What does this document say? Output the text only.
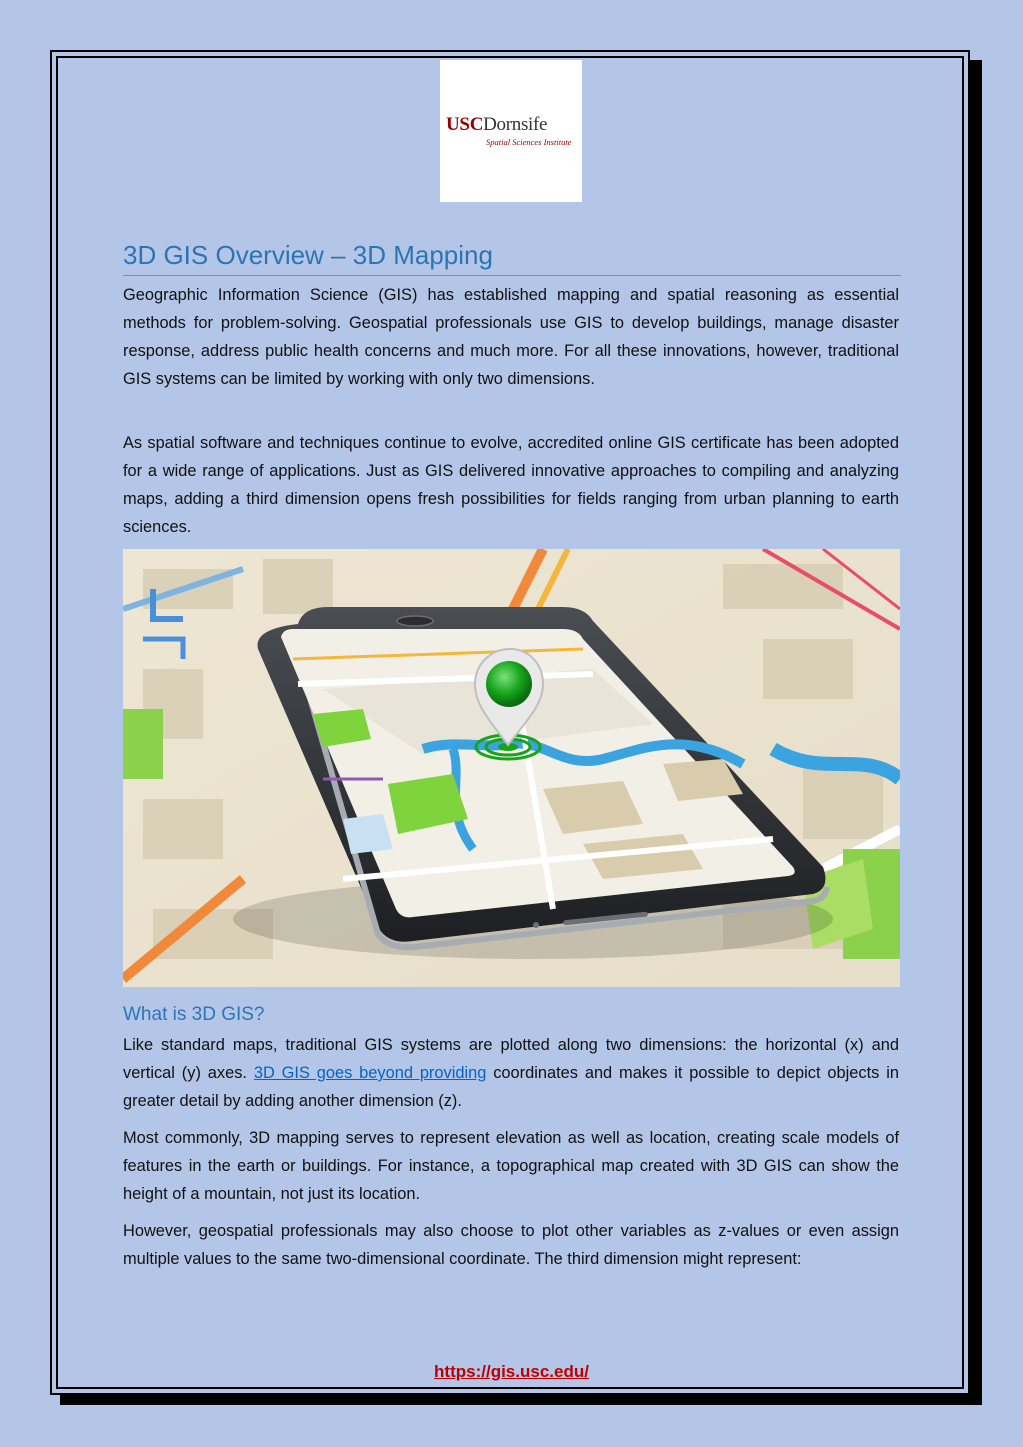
USCDornsife
Spatial Sciences Institute
3D GIS Overview – 3D Mapping

Geographic Information Science (GIS) has established mapping and spatial reasoning as essential methods for problem-solving. Geospatial professionals use GIS to develop buildings, manage disaster response, address public health concerns and much more. For all these innovations, however, traditional GIS systems can be limited by working with only two dimensions.

As spatial software and techniques continue to evolve, accredited online GIS certificate has been adopted for a wide range of applications. Just as GIS delivered innovative approaches to compiling and analyzing maps, adding a third dimension opens fresh possibilities for fields ranging from urban planning to earth sciences.

What is 3D GIS?

Like standard maps, traditional GIS systems are plotted along two dimensions: the horizontal (x) and vertical (y) axes. 3D GIS goes beyond providing coordinates and makes it possible to depict objects in greater detail by adding another dimension (z).

Most commonly, 3D mapping serves to represent elevation as well as location, creating scale models of features in the earth or buildings. For instance, a topographical map created with 3D GIS can show the height of a mountain, not just its location.

However, geospatial professionals may also choose to plot other variables as z-values or even assign multiple values to the same two-dimensional coordinate. The third dimension might represent:

https://gis.usc.edu/
